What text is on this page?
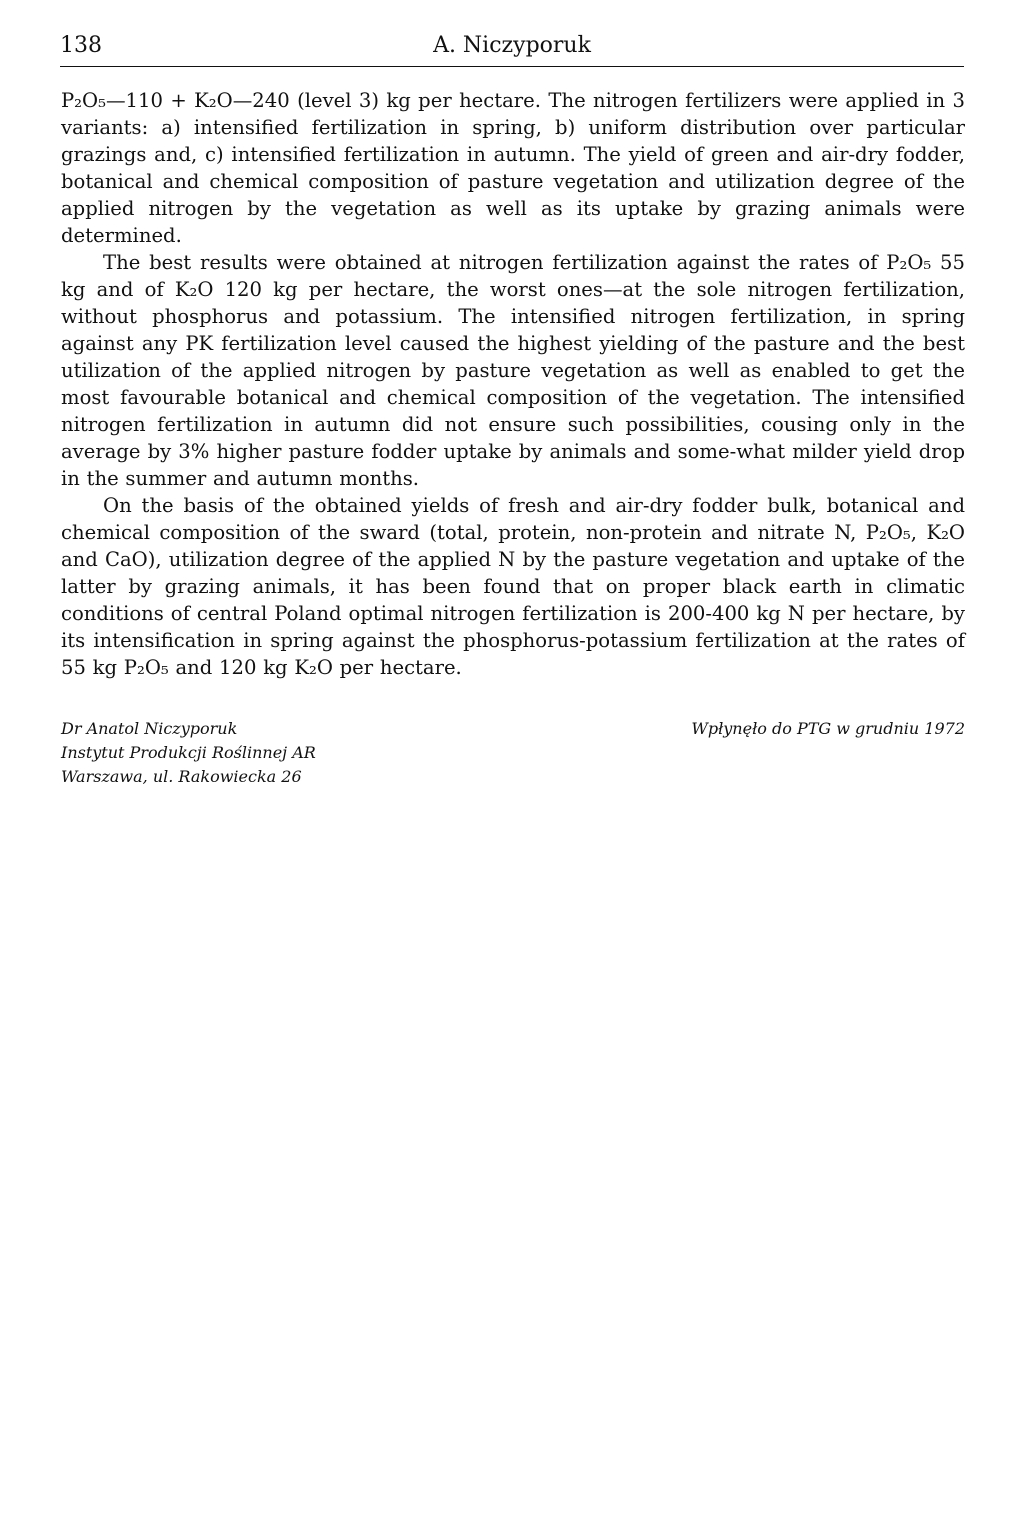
138	A. Niczyporuk

P₂O₅—110 + K₂O—240 (level 3) kg per hectare. The nitrogen fertilizers were applied in 3 variants: a) intensified fertilization in spring, b) uniform distribution over particular grazings and, c) intensified fertilization in autumn. The yield of green and air-dry fodder, botanical and chemical composition of pasture vegetation and utilization degree of the applied nitrogen by the vegetation as well as its uptake by grazing animals were determined.

The best results were obtained at nitrogen fertilization against the rates of P₂O₅ 55 kg and of K₂O 120 kg per hectare, the worst ones—at the sole nitrogen fertilization, without phosphorus and potassium. The intensified nitrogen fertilization, in spring against any PK fertilization level caused the highest yielding of the pasture and the best utilization of the applied nitrogen by pasture vegetation as well as enabled to get the most favourable botanical and chemical composition of the vegetation. The intensified nitrogen fertilization in autumn did not ensure such possibilities, cousing only in the average by 3% higher pasture fodder uptake by animals and some-what milder yield drop in the summer and autumn months.

On the basis of the obtained yields of fresh and air-dry fodder bulk, botanical and chemical composition of the sward (total, protein, non-protein and nitrate N, P₂O₅, K₂O and CaO), utilization degree of the applied N by the pasture vegetation and uptake of the latter by grazing animals, it has been found that on proper black earth in climatic conditions of central Poland optimal nitrogen fertilization is 200-400 kg N per hectare, by its intensification in spring against the phosphorus-potassium fertilization at the rates of 55 kg P₂O₅ and 120 kg K₂O per hectare.

Dr Anatol Niczyporuk
Instytut Produkcji Roślinnej AR
Warszawa, ul. Rakowiecka 26
Wpłynęło do PTG w grudniu 1972
